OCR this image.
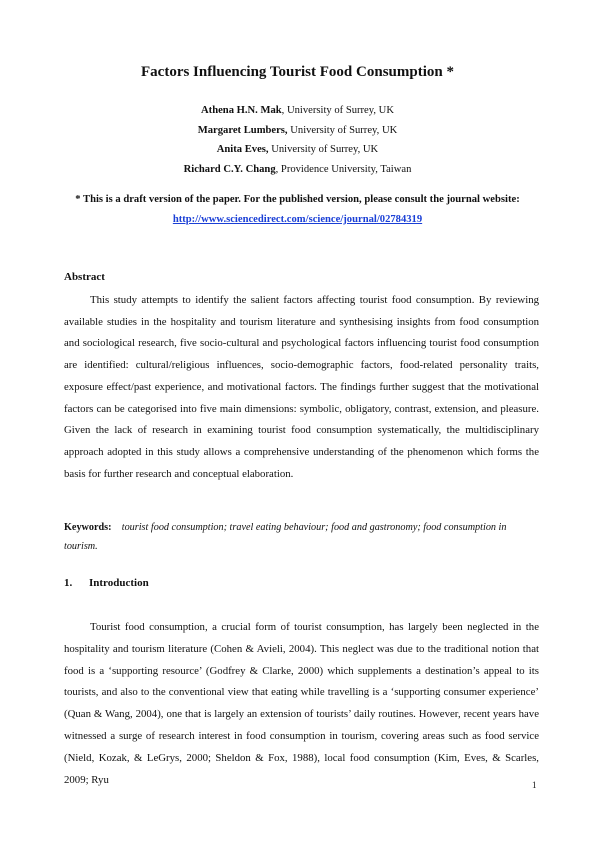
Factors Influencing Tourist Food Consumption *
Athena H.N. Mak, University of Surrey, UK
Margaret Lumbers, University of Surrey, UK
Anita Eves, University of Surrey, UK
Richard C.Y. Chang, Providence University, Taiwan
* This is a draft version of the paper. For the published version, please consult the journal website: http://www.sciencedirect.com/science/journal/02784319
Abstract

This study attempts to identify the salient factors affecting tourist food consumption. By reviewing available studies in the hospitality and tourism literature and synthesising insights from food consumption and sociological research, five socio-cultural and psychological factors influencing tourist food consumption are identified: cultural/religious influences, socio-demographic factors, food-related personality traits, exposure effect/past experience, and motivational factors. The findings further suggest that the motivational factors can be categorised into five main dimensions: symbolic, obligatory, contrast, extension, and pleasure. Given the lack of research in examining tourist food consumption systematically, the multidisciplinary approach adopted in this study allows a comprehensive understanding of the phenomenon which forms the basis for further research and conceptual elaboration.

Keywords: tourist food consumption; travel eating behaviour; food and gastronomy; food consumption in tourism.

1. Introduction

Tourist food consumption, a crucial form of tourist consumption, has largely been neglected in the hospitality and tourism literature (Cohen & Avieli, 2004). This neglect was due to the traditional notion that food is a ‘supporting resource’ (Godfrey & Clarke, 2000) which supplements a destination’s appeal to its tourists, and also to the conventional view that eating while travelling is a ‘supporting consumer experience’ (Quan & Wang, 2004), one that is largely an extension of tourists’ daily routines. However, recent years have witnessed a surge of research interest in food consumption in tourism, covering areas such as food service (Nield, Kozak, & LeGrys, 2000; Sheldon & Fox, 1988), local food consumption (Kim, Eves, & Scarles, 2009; Ryu	1
